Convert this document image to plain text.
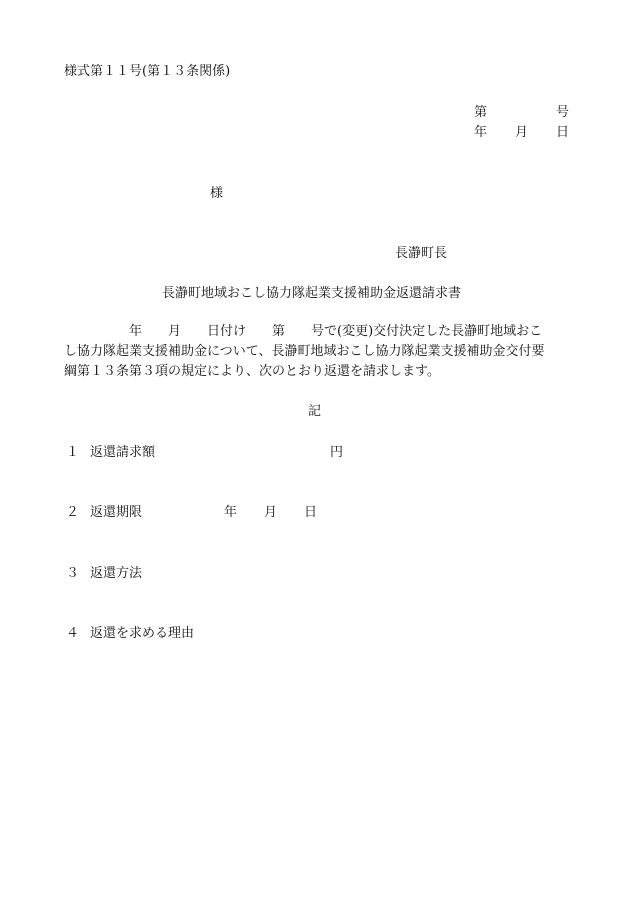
様式第１１号(第１３条関係)
第	号
年 月 日
様
長瀞町長
長瀞町地域おこし協力隊起業支援補助金返還請求書

　　　　　年　　月　　日付け　　第　　号で(変更)交付決定した長瀞町地域おこ

し協力隊起業支援補助金について、長瀞町地域おこし協力隊起業支援補助金交付要

綱第１３条第３項の規定により、次のとおり返還を請求します。

記
１ 返還請求額	円
２ 返還期限	年 月 日
３ 返還方法
４ 返還を求める理由
